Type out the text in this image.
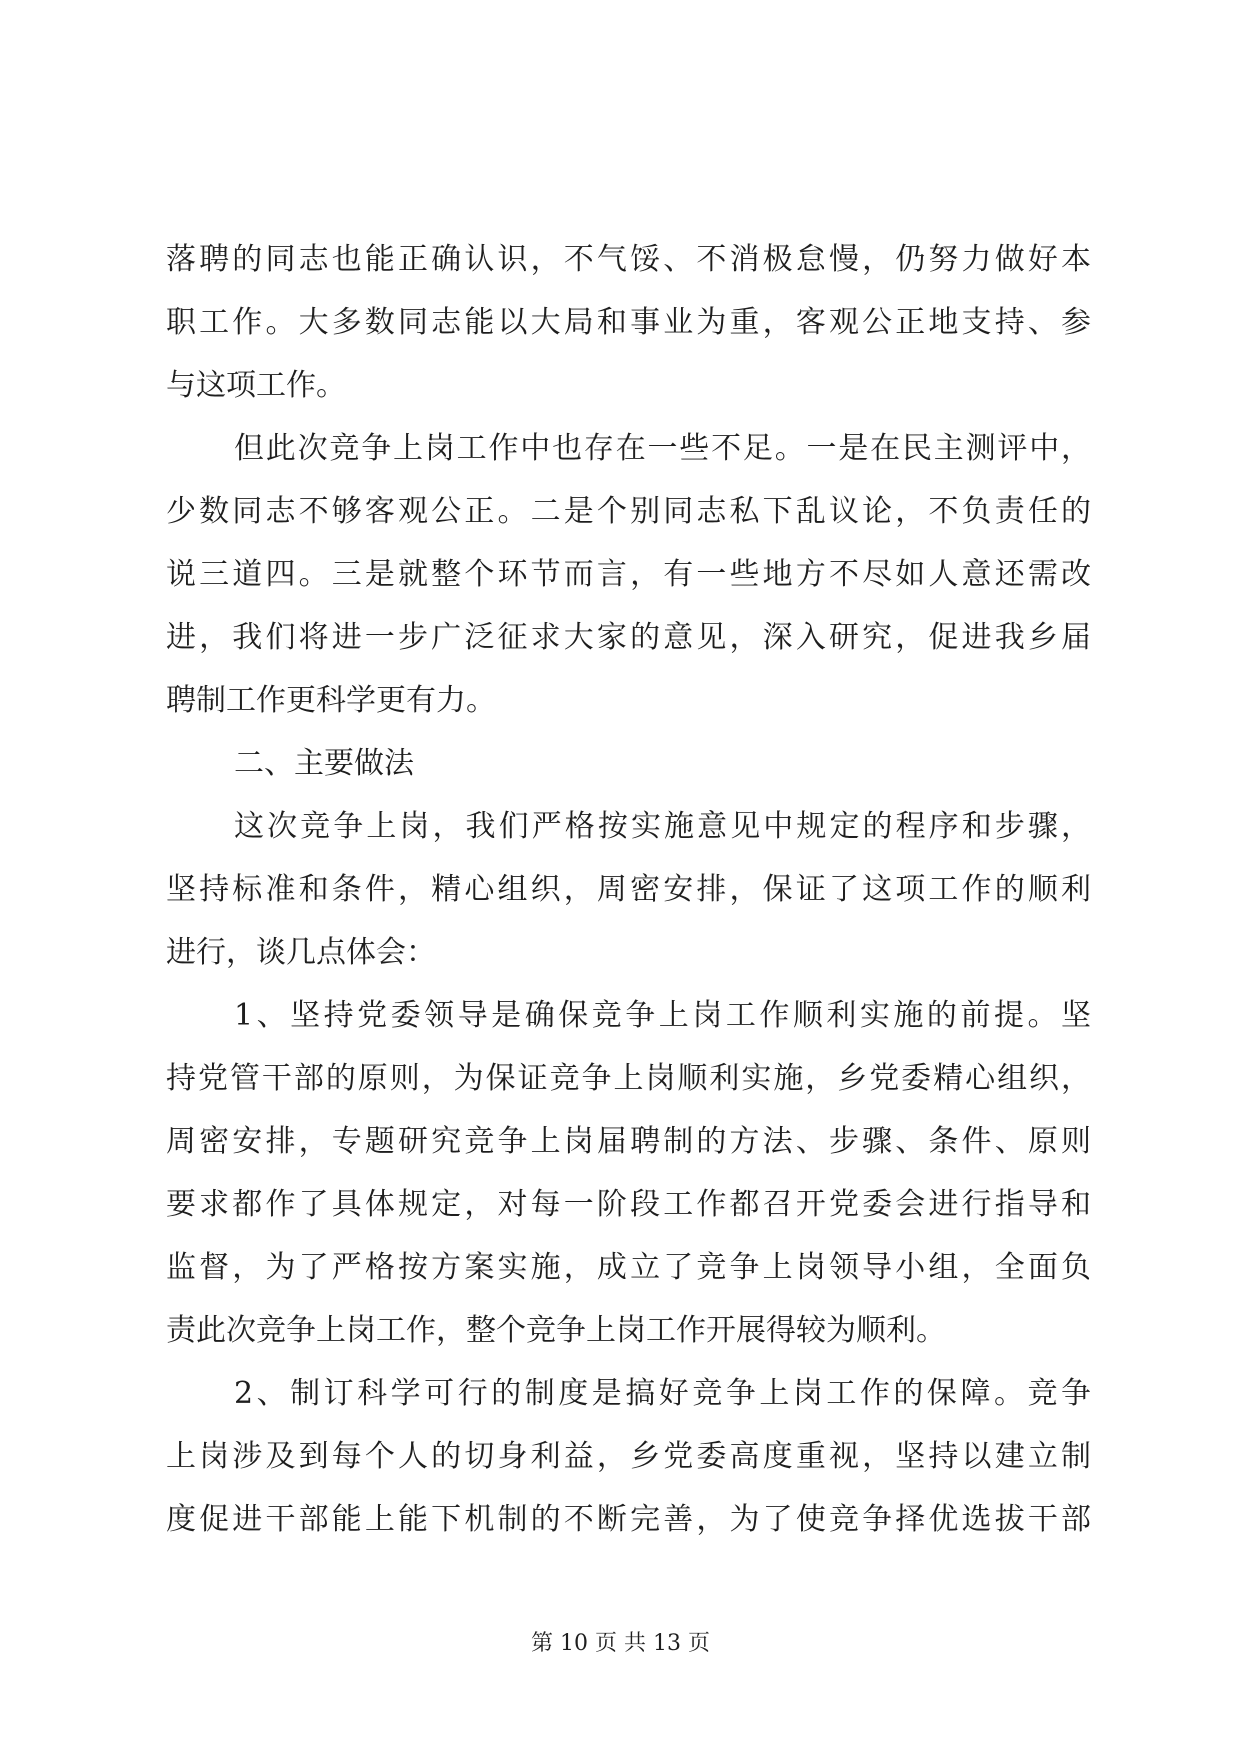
落聘的同志也能正确认识，不气馁、不消极怠慢，仍努力做好本
职工作。大多数同志能以大局和事业为重，客观公正地支持、参
与这项工作。
但此次竞争上岗工作中也存在一些不足。一是在民主测评中，
少数同志不够客观公正。二是个别同志私下乱议论，不负责任的
说三道四。三是就整个环节而言，有一些地方不尽如人意还需改
进，我们将进一步广泛征求大家的意见，深入研究，促进我乡届
聘制工作更科学更有力。
二、主要做法
这次竞争上岗，我们严格按实施意见中规定的程序和步骤，
坚持标准和条件，精心组织，周密安排，保证了这项工作的顺利
进行，谈几点体会：
1、坚持党委领导是确保竞争上岗工作顺利实施的前提。坚
持党管干部的原则，为保证竞争上岗顺利实施，乡党委精心组织，
周密安排，专题研究竞争上岗届聘制的方法、步骤、条件、原则
要求都作了具体规定，对每一阶段工作都召开党委会进行指导和
监督，为了严格按方案实施，成立了竞争上岗领导小组，全面负
责此次竞争上岗工作，整个竞争上岗工作开展得较为顺利。
2、制订科学可行的制度是搞好竞争上岗工作的保障。竞争
上岗涉及到每个人的切身利益，乡党委高度重视，坚持以建立制
度促进干部能上能下机制的不断完善，为了使竞争择优选拔干部
第 10 页 共 13 页
